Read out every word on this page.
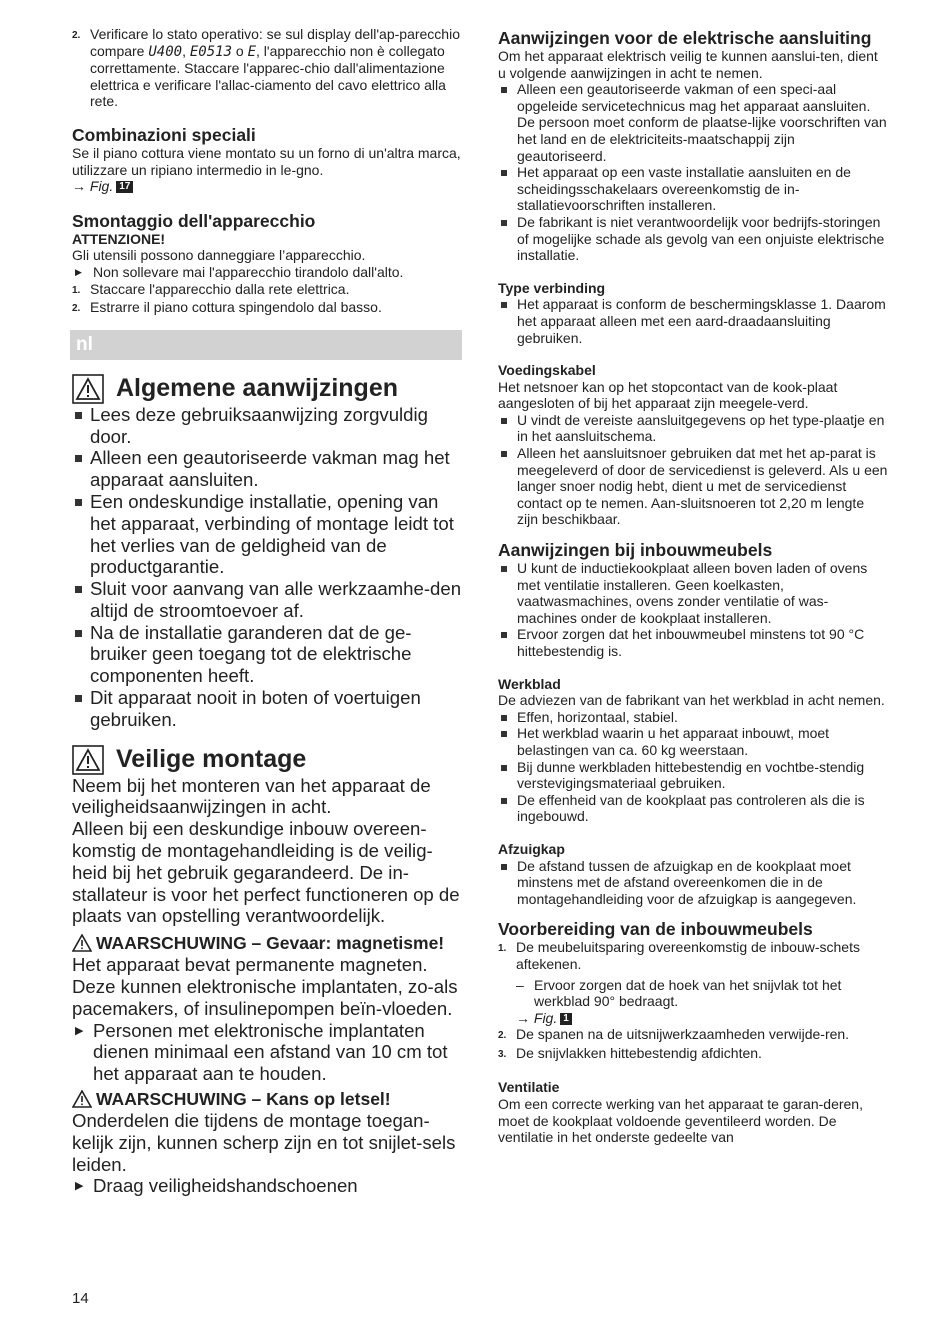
2. Verificare lo stato operativo: se sul display dell'ap-parecchio compare U400, E0513 o E, l'apparecchio non è collegato correttamente. Staccare l'apparec-chio dall'alimentazione elettrica e verificare l'allac-ciamento del cavo elettrico alla rete.
Combinazioni speciali
Se il piano cottura viene montato su un forno di un'altra marca, utilizzare un ripiano intermedio in le-gno.
→ Fig. 17
Smontaggio dell'apparecchio
ATTENZIONE!
Gli utensili possono danneggiare l’apparecchio.
▶ Non sollevare mai l'apparecchio tirandolo dall'alto.
1. Staccare l'apparecchio dalla rete elettrica.
2. Estrarre il piano cottura spingendolo dal basso.
nl
Algemene aanwijzingen
Lees deze gebruiksaanwijzing zorgvuldig door.
Alleen een geautoriseerde vakman mag het apparaat aansluiten.
Een ondeskundige installatie, opening van het apparaat, verbinding of montage leidt tot het verlies van de geldigheid van de productgarantie.
Sluit voor aanvang van alle werkzaamhe-den altijd de stroomtoevoer af.
Na de installatie garanderen dat de ge-bruiker geen toegang tot de elektrische componenten heeft.
Dit apparaat nooit in boten of voertuigen gebruiken.
Veilige montage
Neem bij het monteren van het apparaat de veiligheidsaanwijzingen in acht.
Alleen bij een deskundige inbouw overeen-komstig de montagehandleiding is de veilig-heid bij het gebruik gegarandeerd. De in-stallateur is voor het perfect functioneren op de plaats van opstelling verantwoordelijk.
WAARSCHUWING – Gevaar: magnetisme!
Het apparaat bevat permanente magneten. Deze kunnen elektronische implantaten, zo-als pacemakers, of insulinepompen beïn-vloeden.
▶ Personen met elektronische implantaten dienen minimaal een afstand van 10 cm tot het apparaat aan te houden.
WAARSCHUWING – Kans op letsel!
Onderdelen die tijdens de montage toegan-kelijk zijn, kunnen scherp zijn en tot snijlet-sels leiden.
▶ Draag veiligheidshandschoenen
Aanwijzingen voor de elektrische aansluiting
Om het apparaat elektrisch veilig te kunnen aanslui-ten, dient u volgende aanwijzingen in acht te nemen.
Alleen een geautoriseerde vakman of een speci-aal opgeleide servicetechnicus mag het apparaat aansluiten. De persoon moet conform de plaatse-lijke voorschriften van het land en de elektriciteits-maatschappij zijn geautoriseerd.
Het apparaat op een vaste installatie aansluiten en de scheidingsschakelaars overeenkomstig de in-stallatievoorschriften installeren.
De fabrikant is niet verantwoordelijk voor bedrijfs-storingen of mogelijke schade als gevolg van een onjuiste elektrische installatie.
Type verbinding
Het apparaat is conform de beschermingsklasse 1. Daarom het apparaat alleen met een aard-draadaansluiting gebruiken.
Voedingskabel
Het netsnoer kan op het stopcontact van de kook-plaat aangesloten of bij het apparaat zijn meegele-verd.
U vindt de vereiste aansluitgegevens op het type-plaatje en in het aansluitschema.
Alleen het aansluitsnoer gebruiken dat met het ap-parat is meegeleverd of door de servicedienst is geleverd. Als u een langer snoer nodig hebt, dient u met de servicedienst contact op te nemen. Aan-sluitsnoeren tot 2,20 m lengte zijn beschikbaar.
Aanwijzingen bij inbouwmeubels
U kunt de inductiekookplaat alleen boven laden of ovens met ventilatie installeren. Geen koelkasten, vaatwasmachines, ovens zonder ventilatie of was-machines onder de kookplaat installeren.
Ervoor zorgen dat het inbouwmeubel minstens tot 90 °C hittebestendig is.
Werkblad
De adviezen van de fabrikant van het werkblad in acht nemen.
Effen, horizontaal, stabiel.
Het werkblad waarin u het apparaat inbouwt, moet belastingen van ca. 60 kg weerstaan.
Bij dunne werkbladen hittebestendig en vochtbe-stendig verstevigingsmateriaal gebruiken.
De effenheid van de kookplaat pas controleren als die is ingebouwd.
Afzuigkap
De afstand tussen de afzuigkap en de kookplaat moet minstens met de afstand overeenkomen die in de montagehandleiding voor de afzuigkap is aangegeven.
Voorbereiding van de inbouwmeubels
1. De meubeluitsparing overeenkomstig de inbouw-schets aftekenen.
– Ervoor zorgen dat de hoek van het snijvlak tot het werkblad 90° bedraagt.
→ Fig. 1
2. De spanen na de uitsnijwerkzaamheden verwijde-ren.
3. De snijvlakken hittebestendig afdichten.
Ventilatie
Om een correcte werking van het apparaat te garan-deren, moet de kookplaat voldoende geventileerd worden. De ventilatie in het onderste gedeelte van
14
